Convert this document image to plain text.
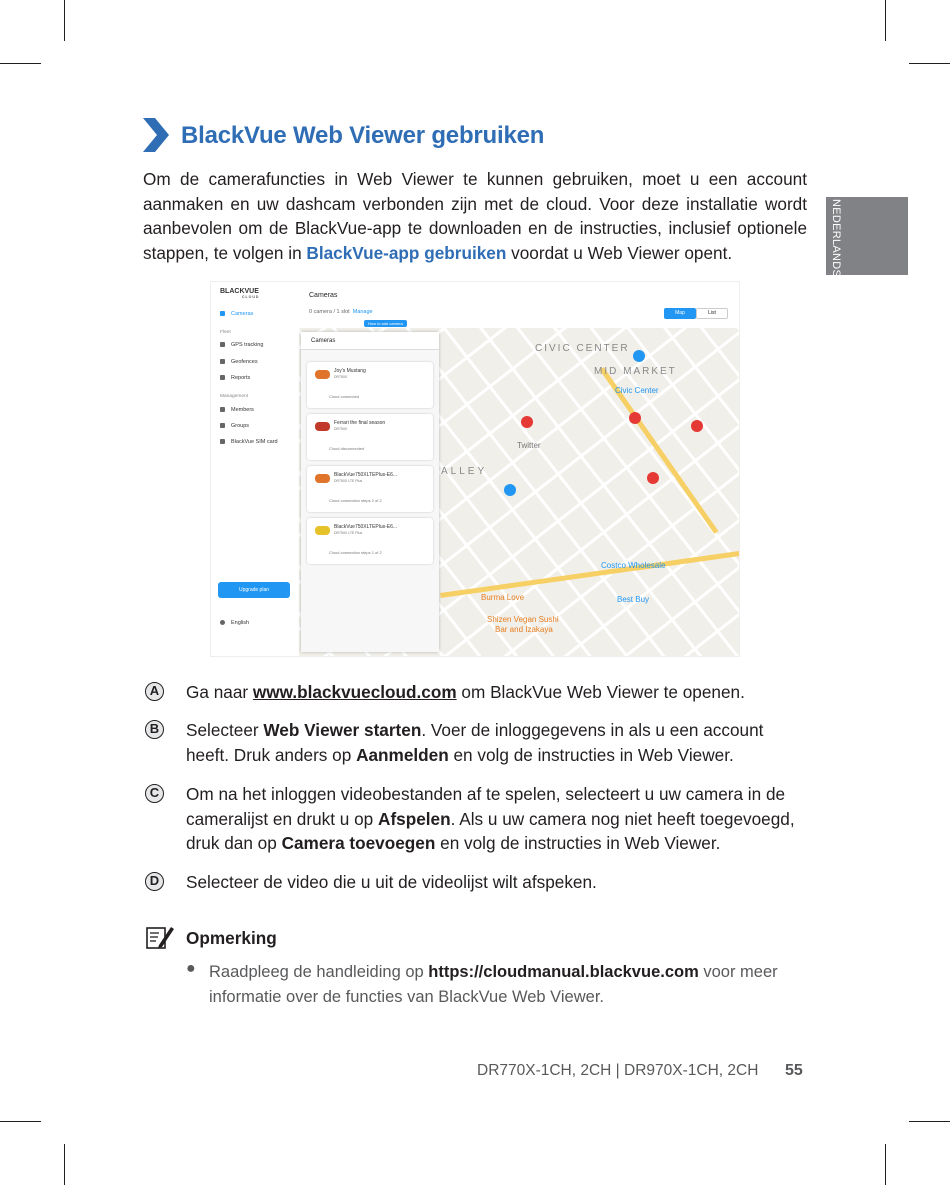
BlackVue Web Viewer gebruiken
Om de camerafuncties in Web Viewer te kunnen gebruiken, moet u een account aanmaken en uw dashcam verbonden zijn met de cloud. Voor deze installatie wordt aanbevolen om de BlackVue-app te downloaden en de instructies, inclusief optionele stappen, te volgen in BlackVue-app gebruiken voordat u Web Viewer opent.	NEDERLANDS
BLACKVUE
CLOUD
Cameras
Fleet
GPS tracking
Geofences
Reports
Management
Members
Groups
BlackVue SIM card
Upgrade plan
English
Cameras
0 camera / 1 slot Manage
How to add camera
Map	List
CIVIC CENTER
MID MARKET
Civic Center
Twitter
ALLEY
Costco Wholesale
Burma Love	Best Buy
Shizen Vegan Sushi
Bar and Izakaya
Cameras
Joy's Mustang
DR750X
Cloud connected
Ferrari the final season
DR750X
Cloud disconnected
BlackVue750XLTEPlus-E6...
DR750X LTE Plus
Cloud connection steps 2 of 2
BlackVue750XLTEPlus-E6...
DR750X LTE Plus
Cloud connection steps 1 of 2
A Ga naar www.blackvuecloud.com om BlackVue Web Viewer te openen.
B Selecteer Web Viewer starten. Voer de inloggegevens in als u een account heeft. Druk anders op Aanmelden en volg de instructies in Web Viewer.
C Om na het inloggen videobestanden af te spelen, selecteert u uw camera in de cameralijst en drukt u op Afspelen. Als u uw camera nog niet heeft toegevoegd, druk dan op Camera toevoegen en volg de instructies in Web Viewer.
D Selecteer de video die u uit de videolijst wilt afspeken.
Opmerking
● Raadpleeg de handleiding op https://cloudmanual.blackvue.com voor meer informatie over de functies van BlackVue Web Viewer.
DR770X-1CH, 2CH | DR970X-1CH, 2CH 55
